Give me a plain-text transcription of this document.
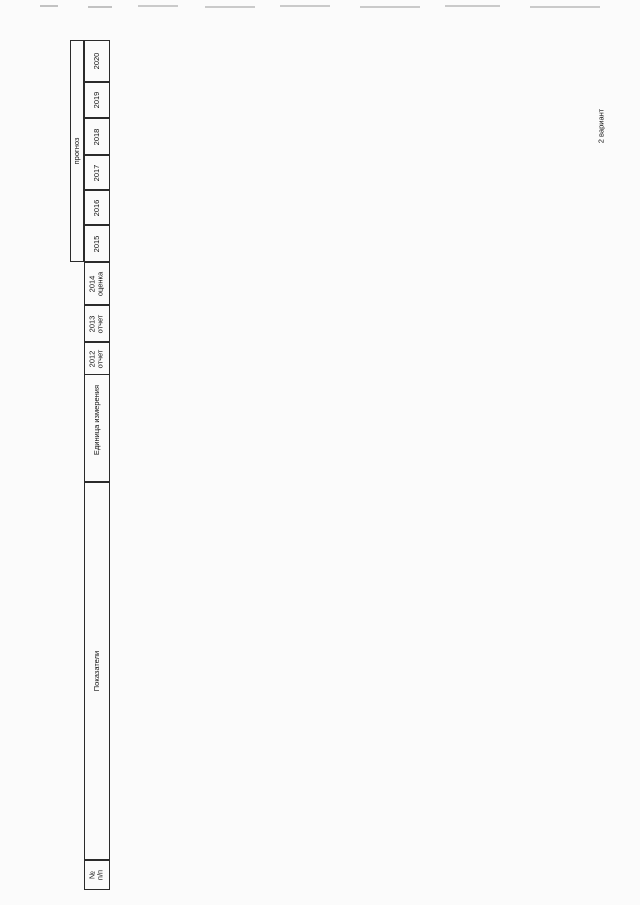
2 вариант
№
п/п
Показатели
Единица измерения
2012
отчет
2013
отчет
2014
оценка
2015
2016
2017
2018
2019
2020
прогноз
